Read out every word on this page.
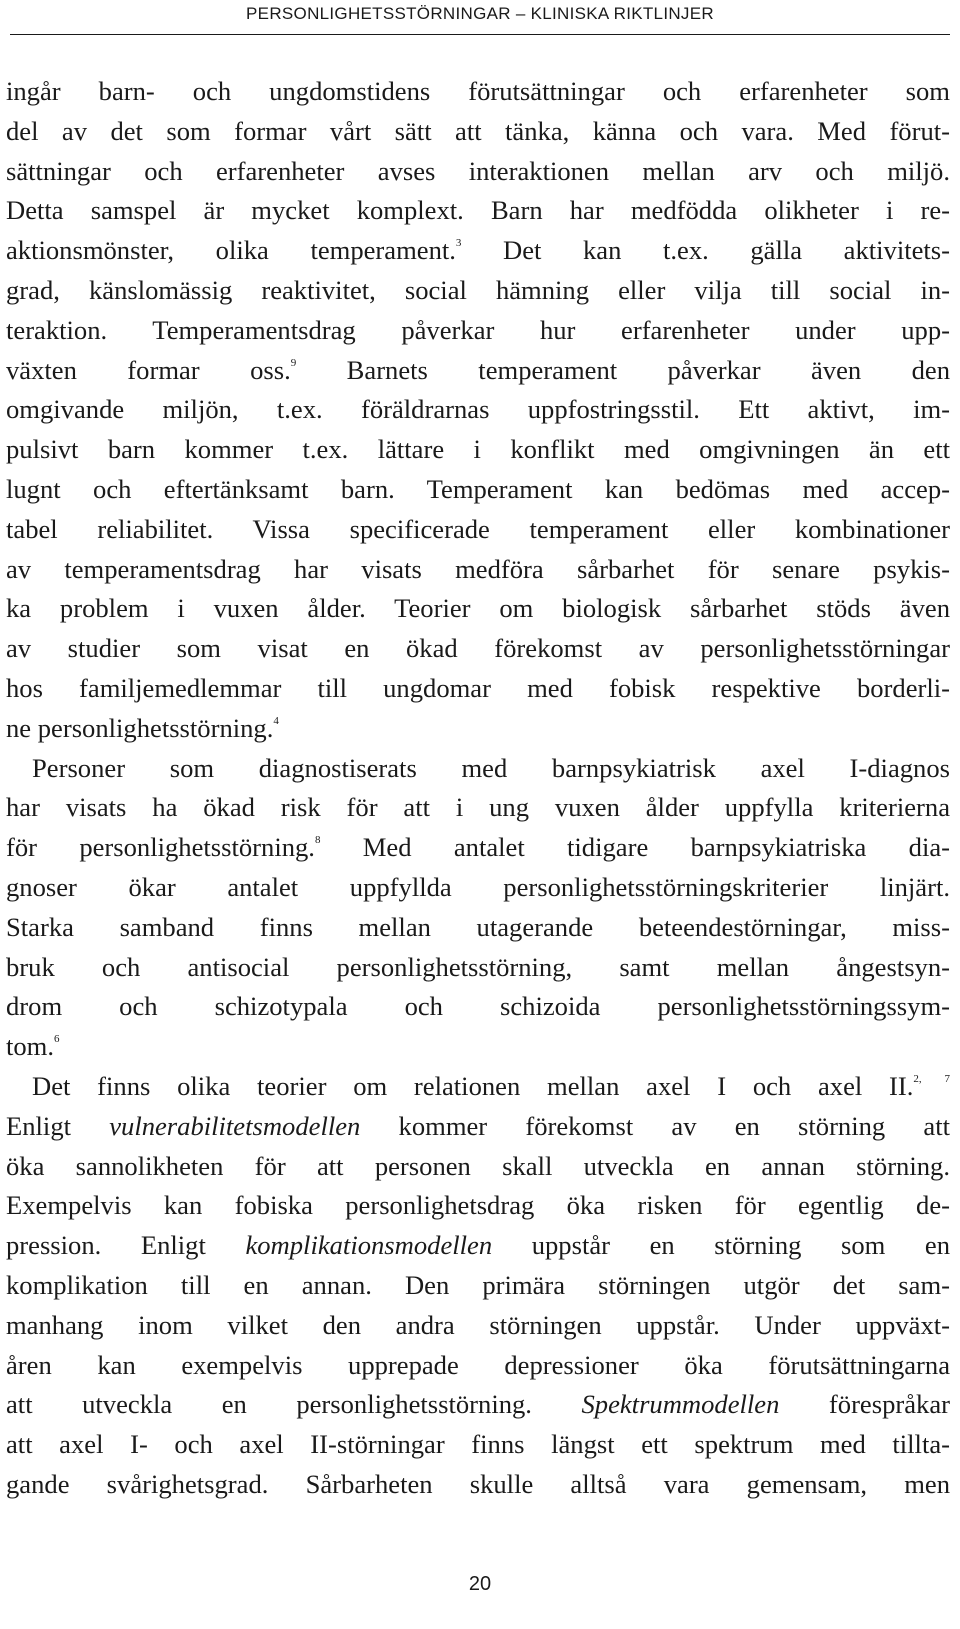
PERSONLIGHETSSTÖRNINGAR – KLINISKA RIKTLINJER
ingår barn- och ungdomstidens förutsättningar och erfarenheter som
del av det som formar vårt sätt att tänka, känna och vara. Med förut-
sättningar och erfarenheter avses interaktionen mellan arv och miljö.
Detta samspel är mycket komplext. Barn har medfödda olikheter i re-
aktionsmönster, olika temperament.$^3$ Det kan t.ex. gälla aktivitets-
grad, känslomässig reaktivitet, social hämning eller vilja till social in-
teraktion. Temperamentsdrag påverkar hur erfarenheter under upp-
växten formar oss.$^9$ Barnets temperament påverkar även den
omgivande miljön, t.ex. föräldrarnas uppfostringsstil. Ett aktivt, im-
pulsivt barn kommer t.ex. lättare i konflikt med omgivningen än ett
lugnt och eftertänksamt barn. Temperament kan bedömas med accep-
tabel reliabilitet. Vissa specificerade temperament eller kombinationer
av temperamentsdrag har visats medföra sårbarhet för senare psykis-
ka problem i vuxen ålder. Teorier om biologisk sårbarhet stöds även
av studier som visat en ökad förekomst av personlighetsstörningar
hos familjemedlemmar till ungdomar med fobisk respektive borderli-
ne personlighetsstörning.$^4$
Personer som diagnostiserats med barnpsykiatrisk axel I-diagnos
har visats ha ökad risk för att i ung vuxen ålder uppfylla kriterierna
för personlighetsstörning.$^8$ Med antalet tidigare barnpsykiatriska dia-
gnoser ökar antalet uppfyllda personlighetsstörningskriterier linjärt.
Starka samband finns mellan utagerande beteendestörningar, miss-
bruk och antisocial personlighetsstörning, samt mellan ångestsyn-
drom och schizotypala och schizoida personlighetsstörningssym-
tom.$^6$
Det finns olika teorier om relationen mellan axel I och axel II.$^{2, 7}$
Enligt vulnerabilitetsmodellen kommer förekomst av en störning att
öka sannolikheten för att personen skall utveckla en annan störning.
Exempelvis kan fobiska personlighetsdrag öka risken för egentlig de-
pression. Enligt komplikationsmodellen uppstår en störning som en
komplikation till en annan. Den primära störningen utgör det sam-
manhang inom vilket den andra störningen uppstår. Under uppväxt-
åren kan exempelvis upprepade depressioner öka förutsättningarna
att utveckla en personlighetsstörning. Spektrummodellen förespråkar
att axel I- och axel II-störningar finns längst ett spektrum med tillta-
gande svårighetsgrad. Sårbarheten skulle alltså vara gemensam, men
20
